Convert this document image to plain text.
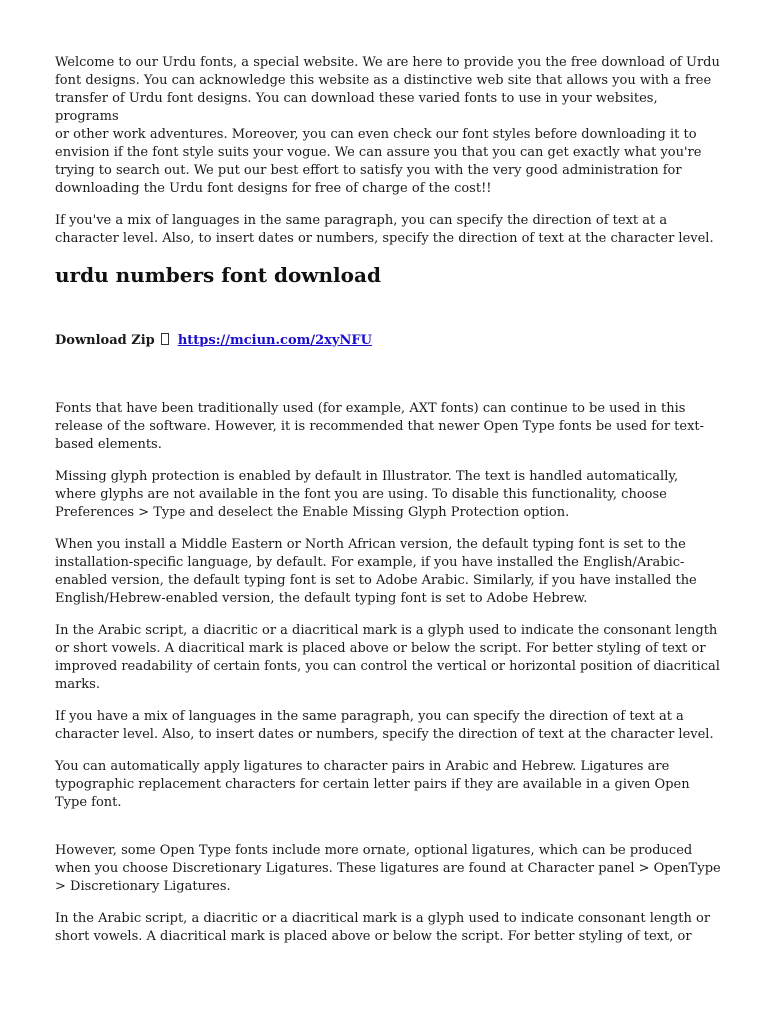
Welcome to our Urdu fonts, a special website. We are here to provide you the free download of Urdu
font designs. You can acknowledge this website as a distinctive web site that allows you with a free
transfer of Urdu font designs. You can download these varied fonts to use in your websites,
programs
or other work adventures. Moreover, you can even check our font styles before downloading it to
envision if the font style suits your vogue. We can assure you that you can get exactly what you're
trying to search out. We put our best effort to satisfy you with the very good administration for
downloading the Urdu font designs for free of charge of the cost!!

If you've a mix of languages in the same paragraph, you can specify the direction of text at a
character level. Also, to insert dates or numbers, specify the direction of text at the character level.

urdu numbers font download

Download Zip https://mciun.com/2xyNFU

Fonts that have been traditionally used (for example, AXT fonts) can continue to be used in this
release of the software. However, it is recommended that newer Open Type fonts be used for text-
based elements.

Missing glyph protection is enabled by default in Illustrator. The text is handled automatically,
where glyphs are not available in the font you are using. To disable this functionality, choose
Preferences > Type and deselect the Enable Missing Glyph Protection option.

When you install a Middle Eastern or North African version, the default typing font is set to the
installation-specific language, by default. For example, if you have installed the English/Arabic-
enabled version, the default typing font is set to Adobe Arabic. Similarly, if you have installed the
English/Hebrew-enabled version, the default typing font is set to Adobe Hebrew.

In the Arabic script, a diacritic or a diacritical mark is a glyph used to indicate the consonant length
or short vowels. A diacritical mark is placed above or below the script. For better styling of text or
improved readability of certain fonts, you can control the vertical or horizontal position of diacritical
marks.

If you have a mix of languages in the same paragraph, you can specify the direction of text at a
character level. Also, to insert dates or numbers, specify the direction of text at the character level.

You can automatically apply ligatures to character pairs in Arabic and Hebrew. Ligatures are
typographic replacement characters for certain letter pairs if they are available in a given Open
Type font.

However, some Open Type fonts include more ornate, optional ligatures, which can be produced
when you choose Discretionary Ligatures. These ligatures are found at Character panel > OpenType
> Discretionary Ligatures.

In the Arabic script, a diacritic or a diacritical mark is a glyph used to indicate consonant length or
short vowels. A diacritical mark is placed above or below the script. For better styling of text, or
